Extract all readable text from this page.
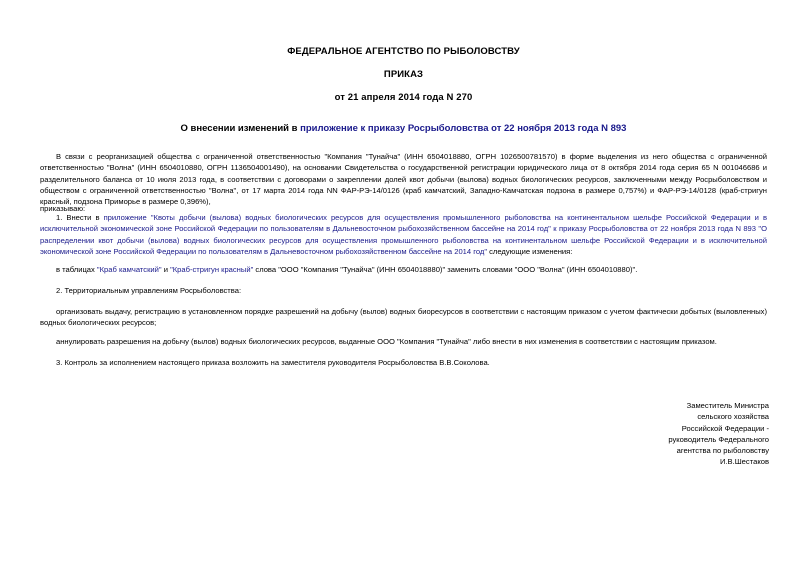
ФЕДЕРАЛЬНОЕ АГЕНТСТВО ПО РЫБОЛОВСТВУ
ПРИКАЗ
от 21 апреля 2014 года N 270
О внесении изменений в приложение к приказу Росрыболовства от 22 ноября 2013 года N 893
В связи с реорганизацией общества с ограниченной ответственностью "Компания "Тунайча" (ИНН 6504018880, ОГРН 1026500781570) в форме выделения из него общества с ограниченной ответственностью "Волна" (ИНН 6504010880, ОГРН 1136504001490), на основании Свидетельства о государственной регистрации юридического лица от 8 октября 2014 года серия 65 N 001046686 и разделительного баланса от 10 июля 2013 года, в соответствии с договорами о закреплении долей квот добычи (вылова) водных биологических ресурсов, заключенными между Росрыболовством и обществом с ограниченной ответственностью "Волна", от 17 марта 2014 года NN ФАР-РЭ-14/0126 (краб камчатский, Западно-Камчатская подзона в размере 0,757%) и ФАР-РЭ-14/0128 (краб-стригун красный, подзона Приморье в размере 0,396%),
приказываю:
1. Внести в приложение "Квоты добычи (вылова) водных биологических ресурсов для осуществления промышленного рыболовства на континентальном шельфе Российской Федерации и в исключительной экономической зоне Российской Федерации по пользователям в Дальневосточном рыбохозяйственном бассейне на 2014 год" к приказу Росрыболовства от 22 ноября 2013 года N 893 "О распределении квот добычи (вылова) водных биологических ресурсов для осуществления промышленного рыболовства на континентальном шельфе Российской Федерации и в исключительной экономической зоне Российской Федерации по пользователям в Дальневосточном рыбохозяйственном бассейне на 2014 год" следующие изменения:
в таблицах "Краб камчатский" и "Краб-стригун красный" слова "ООО "Компания "Тунайча" (ИНН 6504018880)" заменить словами "ООО "Волна" (ИНН 6504010880)".
2. Территориальным управлениям Росрыболовства:
организовать выдачу, регистрацию в установленном порядке разрешений на добычу (вылов) водных биоресурсов в соответствии с настоящим приказом с учетом фактически добытых (выловленных) водных биологических ресурсов;
аннулировать разрешения на добычу (вылов) водных биологических ресурсов, выданные ООО "Компания "Тунайча" либо внести в них изменения в соответствии с настоящим приказом.
3. Контроль за исполнением настоящего приказа возложить на заместителя руководителя Росрыболовства В.В.Соколова.
Заместитель Министра
сельского хозяйства
Российской Федерации -
руководитель Федерального
агентства по рыболовству
И.В.Шестаков
